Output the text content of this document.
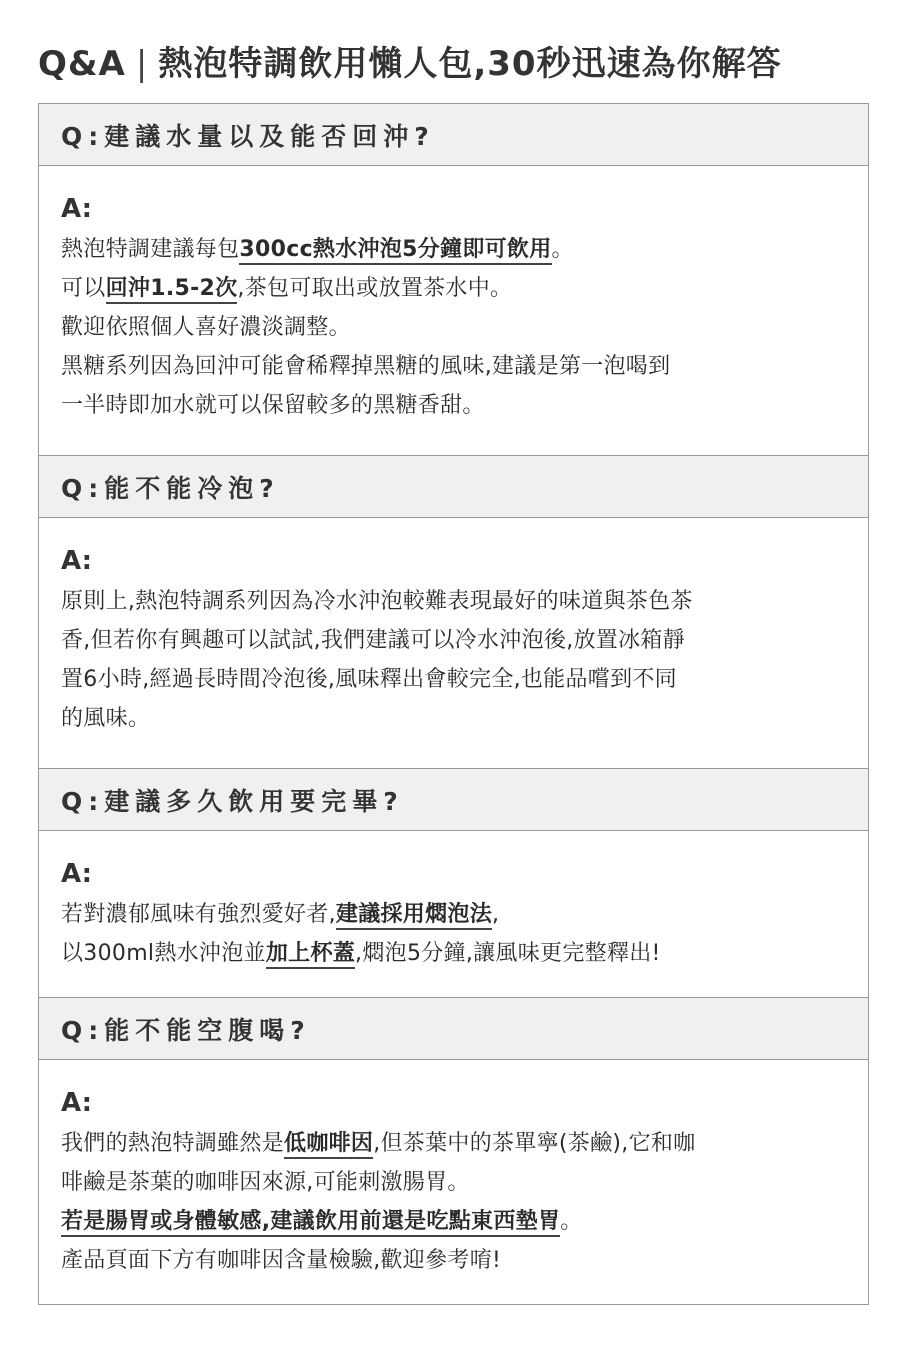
Q&A | 熱泡特調飲用懶人包,30秒迅速為你解答
Q:建議水量以及能否回沖?
A:
熱泡特調建議每包300cc熱水沖泡5分鐘即可飲用。
可以回沖1.5-2次,茶包可取出或放置茶水中。
歡迎依照個人喜好濃淡調整。
黑糖系列因為回沖可能會稀釋掉黑糖的風味,建議是第一泡喝到
一半時即加水就可以保留較多的黑糖香甜。
Q:能不能冷泡?
A:
原則上,熱泡特調系列因為冷水沖泡較難表現最好的味道與茶色茶
香,但若你有興趣可以試試,我們建議可以冷水沖泡後,放置冰箱靜
置6小時,經過長時間冷泡後,風味釋出會較完全,也能品嚐到不同
的風味。
Q:建議多久飲用要完畢?
A:
若對濃郁風味有強烈愛好者,建議採用燜泡法,
以300ml熱水沖泡並加上杯蓋,燜泡5分鐘,讓風味更完整釋出!
Q:能不能空腹喝?
A:
我們的熱泡特調雖然是低咖啡因,但茶葉中的茶單寧(茶鹼),它和咖
啡鹼是茶葉的咖啡因來源,可能刺激腸胃。
若是腸胃或身體敏感,建議飲用前還是吃點東西墊胃。
產品頁面下方有咖啡因含量檢驗,歡迎參考唷!
